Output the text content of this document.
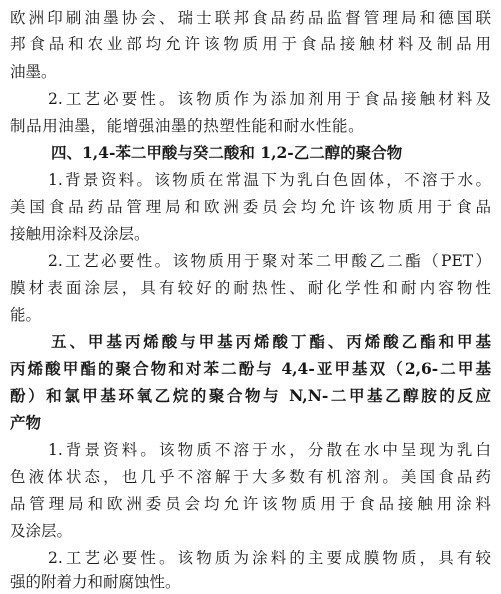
欧洲印刷油墨协会、瑞士联邦食品药品监督管理局和德国联
邦食品和农业部均允许该物质用于食品接触材料及制品用
油墨。
2.工艺必要性。该物质作为添加剂用于食品接触材料及
制品用油墨，能增强油墨的热塑性能和耐水性能。
四、1,4-苯二甲酸与癸二酸和 1,2-乙二醇的聚合物
1.背景资料。该物质在常温下为乳白色固体，不溶于水。
美国食品药品管理局和欧洲委员会均允许该物质用于食品
接触用涂料及涂层。
2.工艺必要性。该物质用于聚对苯二甲酸乙二酯（PET）
膜材表面涂层，具有较好的耐热性、耐化学性和耐内容物性
能。
五、甲基丙烯酸与甲基丙烯酸丁酯、丙烯酸乙酯和甲基
丙烯酸甲酯的聚合物和对苯二酚与 4,4-亚甲基双（2,6-二甲基
酚）和氯甲基环氧乙烷的聚合物与 N,N-二甲基乙醇胺的反应
产物
1.背景资料。该物质不溶于水，分散在水中呈现为乳白
色液体状态，也几乎不溶解于大多数有机溶剂。美国食品药
品管理局和欧洲委员会均允许该物质用于食品接触用涂料
及涂层。
2.工艺必要性。该物质为涂料的主要成膜物质，具有较
强的附着力和耐腐蚀性。
